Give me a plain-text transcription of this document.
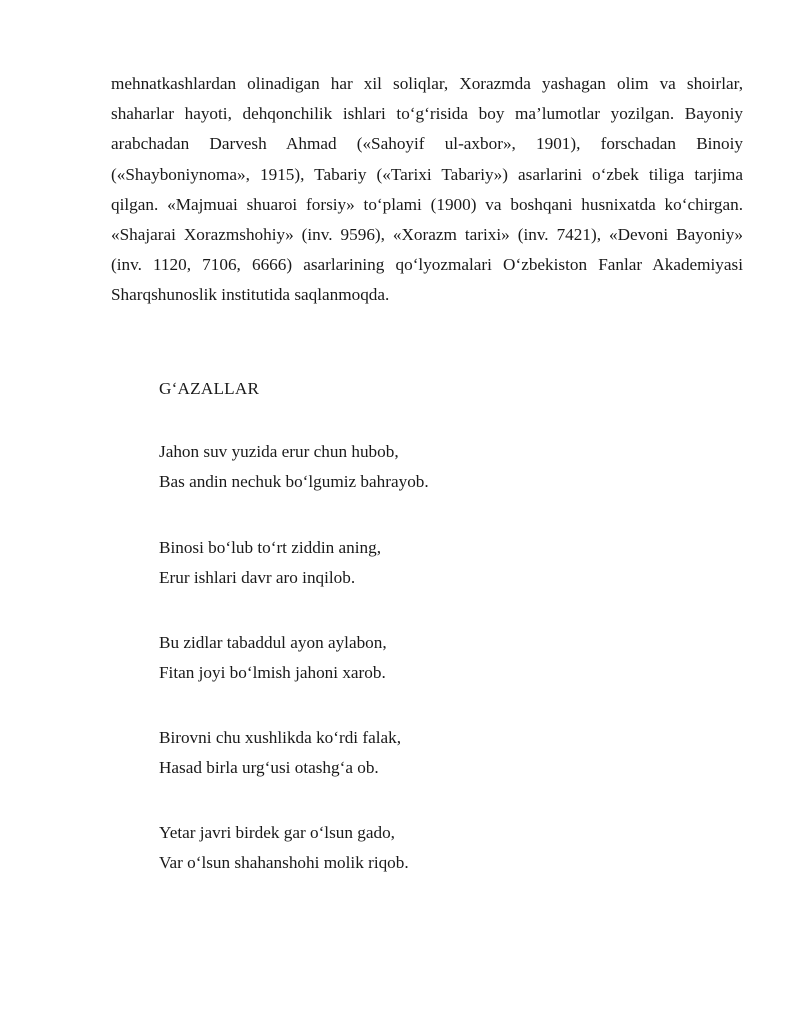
mehnatkashlardan olinadigan har xil soliqlar, Xorazmda yashagan olim va shoirlar, shaharlar hayoti, dehqonchilik ishlari to‘g‘risida boy ma’lumotlar yozilgan. Bayoniy arabchadan Darvesh Ahmad («Sahoyif ul-axbor», 1901), forschadan Binoiy («Shayboniynoma», 1915), Tabariy («Tarixi Tabariy») asarlarini o‘zbek tiliga tarjima qilgan. «Majmuai shuaroi forsiy» to‘plami (1900) va boshqani husnixatda ko‘chirgan. «Shajarai Xorazmshohiy» (inv. 9596), «Xorazm tarixi» (inv. 7421), «Devoni Bayoniy» (inv. 1120, 7106, 6666) asarlarining qo‘lyozmalari O‘zbekiston Fanlar Akademiyasi Sharqshunoslik institutida saqlanmoqda.

G‘AZALLAR
Jahon suv yuzida erur chun hubob,
Bas andin nechuk bo‘lgumiz bahrayob.
Binosi bo‘lub to‘rt ziddin aning,
Erur ishlari davr aro inqilob.
Bu zidlar tabaddul ayon aylabon,
Fitan joyi bo‘lmish jahoni xarob.
Birovni chu xushlikda ko‘rdi falak,
Hasad birla urg‘usi otashg‘a ob.
Yetar javri birdek gar o‘lsun gado,
Var o‘lsun shahanshohi molik riqob.
